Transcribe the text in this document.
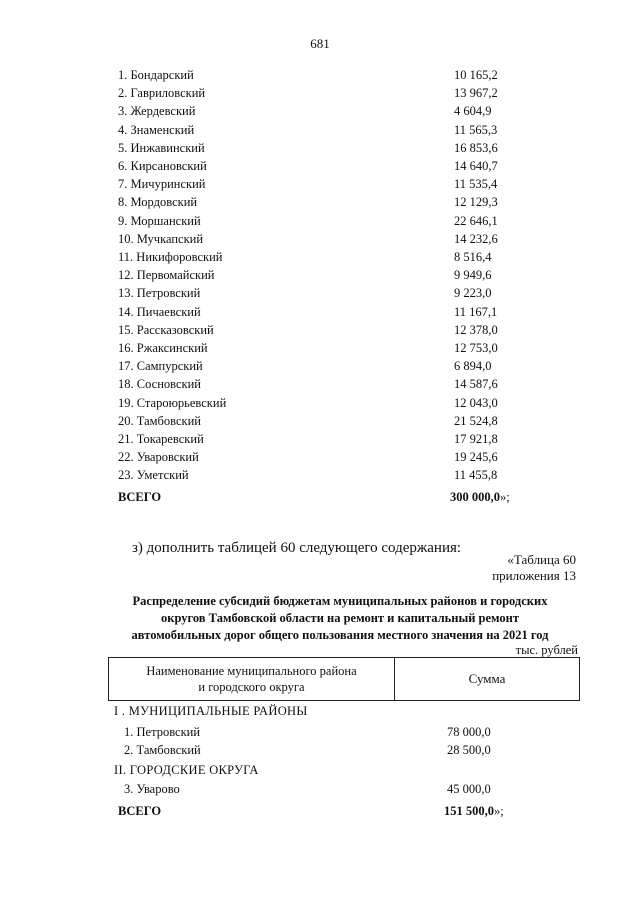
681
1. Бондарский	10 165,2
2. Гавриловский	13 967,2
3. Жердевский	4 604,9
4. Знаменский	11 565,3
5. Инжавинский	16 853,6
6. Кирсановский	14 640,7
7. Мичуринский	11 535,4
8. Мордовский	12 129,3
9. Моршанский	22 646,1
10. Мучкапский	14 232,6
11. Никифоровский	8 516,4
12. Первомайский	9 949,6
13. Петровский	9 223,0
14. Пичаевский	11 167,1
15. Рассказовский	12 378,0
16. Ржаксинский	12 753,0
17. Сампурский	6 894,0
18. Сосновский	14 587,6
19. Староюрьевский	12 043,0
20. Тамбовский	21 524,8
21. Токаревский	17 921,8
22. Уваровский	19 245,6
23. Уметский	11 455,8
ВСЕГО	300 000,0»;
з) дополнить таблицей 60 следующего содержания:
«Таблица 60
приложения 13
Распределение субсидий бюджетам муниципальных районов и городских
округов Тамбовской области на ремонт и капитальный ремонт
автомобильных дорог общего пользования местного значения на 2021 год
тыс. рублей
Наименование муниципального района
и городского округа
Сумма
I . МУНИЦИПАЛЬНЫЕ РАЙОНЫ
1. Петровский	78 000,0
2. Тамбовский	28 500,0
II. ГОРОДСКИЕ ОКРУГА
3. Уварово	45 000,0
ВСЕГО	151 500,0»;
